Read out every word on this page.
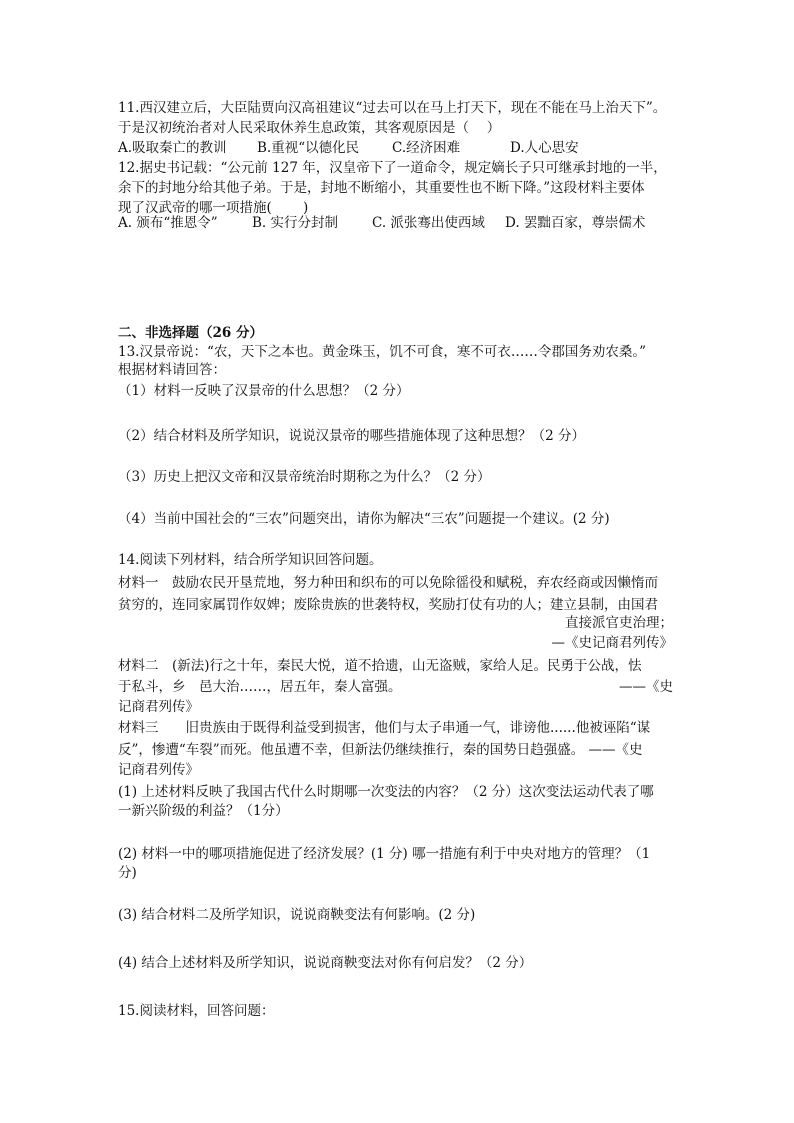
11.西汉建立后，大臣陆贾向汉高祖建议“过去可以在马上打天下，现在不能在马上治天下”。
于是汉初统治者对人民采取休养生息政策，其客观原因是（　 ）
A.吸取秦亡的教训 B.重视“以德化民 C.经济困难	D.人心思安
12.据史书记载：“公元前 127 年，汉皇帝下了一道命令，规定嫡长子只可继承封地的一半，
余下的封地分给其他子弟。于是，封地不断缩小，其重要性也不断下降。”这段材料主要体
现了汉武帝的哪一项措施(　 　)
A. 颁布“推恩令”	B. 实行分封制	C. 派张骞出使西域 D. 罢黜百家，尊崇儒术
二、非选择题（26 分）
13.汉景帝说：“农，天下之本也。黄金珠玉，饥不可食，寒不可衣……令郡国务劝农桑。”
根据材料请回答：
（1）材料一反映了汉景帝的什么思想？（2 分）
（2）结合材料及所学知识，说说汉景帝的哪些措施体现了这种思想？（2 分）
（3）历史上把汉文帝和汉景帝统治时期称之为什么？（2 分）
（4）当前中国社会的“三农”问题突出，请你为解决“三农”问题提一个建议。(2 分)
14.阅读下列材料，结合所学知识回答问题。
材料一　鼓励农民开垦荒地，努力种田和织布的可以免除徭役和赋税，弃农经商或因懒惰而
贫穷的，连同家属罚作奴婢；废除贵族的世袭特权，奖励打仗有功的人；建立县制，由国君
直接派官吏治理；
—《史记商君列传》
材料二　(新法)行之十年，秦民大悦，道不拾遗，山无盗贼，家给人足。民勇于公战，怯
于私斗，乡　邑大治……，居五年，秦人富强。	——《史
记商君列传》
材料三　　旧贵族由于既得利益受到损害，他们与太子串通一气，诽谤他......他被诬陷“谋
反”，惨遭“车裂”而死。他虽遭不幸，但新法仍继续推行，秦的国势日趋强盛。 ——《史
记商君列传》
(1) 上述材料反映了我国古代什么时期哪一次变法的内容？（2 分）这次变法运动代表了哪
一新兴阶级的利益？（1分）
(2) 材料一中的哪项措施促进了经济发展？(1 分) 哪一措施有利于中央对地方的管理？（1
分)
(3) 结合材料二及所学知识，说说商鞅变法有何影响。(2 分)
(4) 结合上述材料及所学知识，说说商鞅变法对你有何启发？（2 分）
15.阅读材料，回答问题：
